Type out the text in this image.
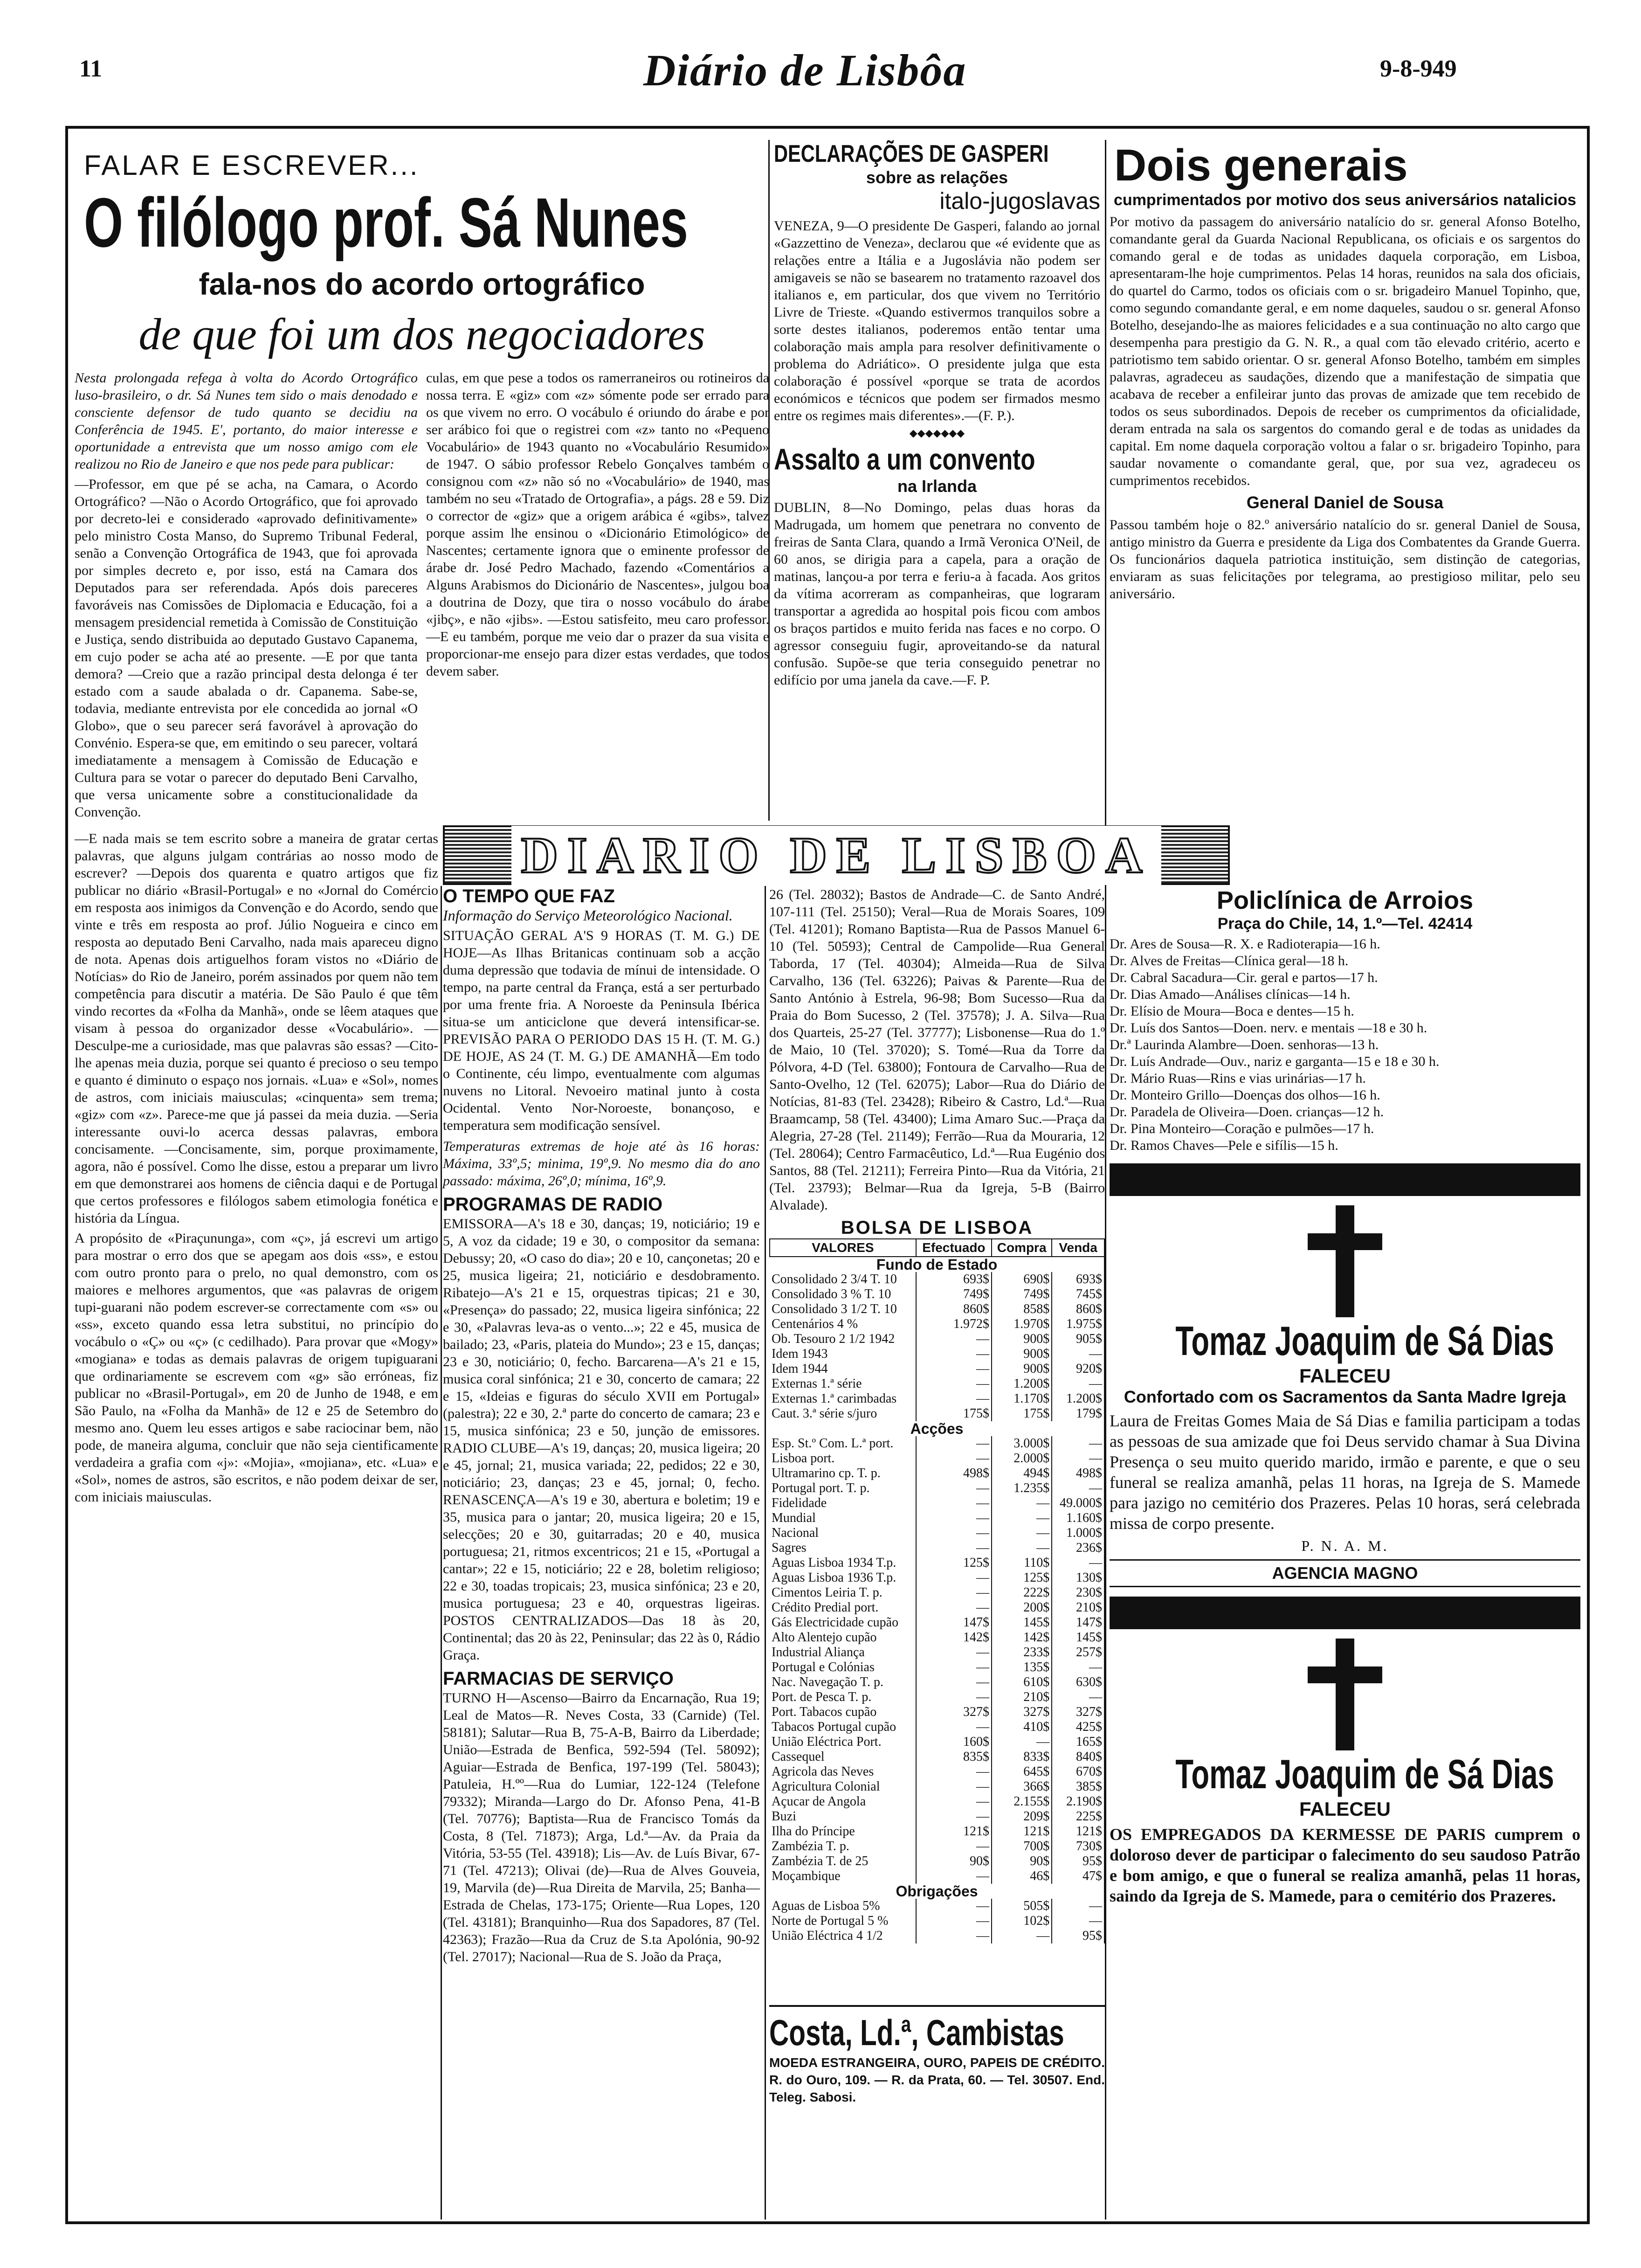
11	Diário de Lisbôa	9-8-949
FALAR E ESCREVER...
O filólogo prof. Sá Nunes
fala-nos do acordo ortográfico
de que foi um dos negociadores

Nesta prolongada refega à volta do Acordo Ortográfico luso-brasileiro, o dr. Sá Nunes tem sido o mais denodado e consciente defensor de tudo quanto se decidiu na Conferência de 1945. E', portanto, do maior interesse e oportunidade a entrevista que um nosso amigo com ele realizou no Rio de Janeiro e que nos pede para publicar:

—Professor, em que pé se acha, na Camara, o Acordo Ortográfico? —Não o Acordo Ortográfico, que foi aprovado por decreto-lei e considerado «aprovado definitivamente» pelo ministro Costa Manso, do Supremo Tribunal Federal, senão a Convenção Ortográfica de 1943, que foi aprovada por simples decreto e, por isso, está na Camara dos Deputados para ser referendada. Após dois pareceres favoráveis nas Comissões de Diplomacia e Educação, foi a mensagem presidencial remetida à Comissão de Constituição e Justiça, sendo distribuida ao deputado Gustavo Capanema, em cujo poder se acha até ao presente. —E por que tanta demora? —Creio que a razão principal desta delonga é ter estado com a saude abalada o dr. Capanema. Sabe-se, todavia, mediante entrevista por ele concedida ao jornal «O Globo», que o seu parecer será favorável à aprovação do Convénio. Espera-se que, em emitindo o seu parecer, voltará imediatamente a mensagem à Comissão de Educação e Cultura para se votar o parecer do deputado Beni Carvalho, que versa unicamente sobre a constitucionalidade da Convenção.

culas, em que pese a todos os ramerraneiros ou rotineiros da nossa terra. E «giz» com «z» sómente pode ser errado para os que vivem no erro. O vocábulo é oriundo do árabe e por ser arábico foi que o registrei com «z» tanto no «Pequeno Vocabulário» de 1943 quanto no «Vocabulário Resumido» de 1947. O sábio professor Rebelo Gonçalves também o consignou com «z» não só no «Vocabulário» de 1940, mas também no seu «Tratado de Ortografia», a págs. 28 e 59. Diz o corrector de «giz» que a origem arábica é «gibs», talvez porque assim lhe ensinou o «Dicionário Etimológico» de Nascentes; certamente ignora que o eminente professor de árabe dr. José Pedro Machado, fazendo «Comentários a Alguns Arabismos do Dicionário de Nascentes», julgou boa a doutrina de Dozy, que tira o nosso vocábulo do árabe «jibç», e não «jibs». —Estou satisfeito, meu caro professor. —E eu também, porque me veio dar o prazer da sua visita e proporcionar-me ensejo para dizer estas verdades, que todos devem saber.

—E nada mais se tem escrito sobre a maneira de gratar certas palavras, que alguns julgam contrárias ao nosso modo de escrever? —Depois dos quarenta e quatro artigos que fiz publicar no diário «Brasil-Portugal» e no «Jornal do Comércio em resposta aos inimigos da Convenção e do Acordo, sendo que vinte e três em resposta ao prof. Júlio Nogueira e cinco em resposta ao deputado Beni Carvalho, nada mais apareceu digno de nota. Apenas dois artiguelhos foram vistos no «Diário de Notícias» do Rio de Janeiro, porém assinados por quem não tem competência para discutir a matéria. De São Paulo é que têm vindo recortes da «Folha da Manhã», onde se lêem ataques que visam à pessoa do organizador desse «Vocabulário». —Desculpe-me a curiosidade, mas que palavras são essas? —Cito-lhe apenas meia duzia, porque sei quanto é precioso o seu tempo e quanto é diminuto o espaço nos jornais. «Lua» e «Sol», nomes de astros, com iniciais maiusculas; «cinquenta» sem trema; «giz» com «z». Parece-me que já passei da meia duzia. —Seria interessante ouvi-lo acerca dessas palavras, embora concisamente. —Concisamente, sim, porque proximamente, agora, não é possível. Como lhe disse, estou a preparar um livro em que demonstrarei aos homens de ciência daqui e de Portugal que certos professores e filólogos sabem etimologia fonética e história da Língua.

A propósito de «Piraçununga», com «ç», já escrevi um artigo para mostrar o erro dos que se apegam aos dois «ss», e estou com outro pronto para o prelo, no qual demonstro, com os maiores e melhores argumentos, que «as palavras de origem tupi-guarani não podem escrever-se correctamente com «s» ou «ss», exceto quando essa letra substitui, no princípio do vocábulo o «Ç» ou «ç» (c cedilhado). Para provar que «Mogy» «mogiana» e todas as demais palavras de origem tupiguarani que ordinariamente se escrevem com «g» são erróneas, fiz publicar no «Brasil-Portugal», em 20 de Junho de 1948, e em São Paulo, na «Folha da Manhã» de 12 e 25 de Setembro do mesmo ano. Quem leu esses artigos e sabe raciocinar bem, não pode, de maneira alguma, concluir que não seja cientificamente verdadeira a grafia com «j»: «Mojia», «mojiana», etc. «Lua» e «Sol», nomes de astros, são escritos, e não podem deixar de ser, com iniciais maiusculas.

DECLARAÇÕES DE GASPERI
sobre as relações
italo-jugoslavas
VENEZA, 9—O presidente De Gasperi, falando ao jornal «Gazzettino de Veneza», declarou que «é evidente que as relações entre a Itália e a Jugoslávia não podem ser amigaveis se não se basearem no tratamento razoavel dos italianos e, em particular, dos que vivem no Território Livre de Trieste. «Quando estivermos tranquilos sobre a sorte destes italianos, poderemos então tentar uma colaboração mais ampla para resolver definitivamente o problema do Adriático». O presidente julga que esta colaboração é possível «porque se trata de acordos económicos e técnicos que podem ser firmados mesmo entre os regimes mais diferentes».—(F. P.).
◆◆◆◆◆◆◆
Assalto a um convento
na Irlanda
DUBLIN, 8—No Domingo, pelas duas horas da Madrugada, um homem que penetrara no convento de freiras de Santa Clara, quando a Irmã Veronica O'Neil, de 60 anos, se dirigia para a capela, para a oração de matinas, lançou-a por terra e feriu-a à facada. Aos gritos da vítima acorreram as companheiras, que lograram transportar a agredida ao hospital pois ficou com ambos os braços partidos e muito ferida nas faces e no corpo. O agressor conseguiu fugir, aproveitando-se da natural confusão. Supõe-se que teria conseguido penetrar no edifício por uma janela da cave.—F. P.
Dois generais
cumprimentados por motivo dos seus aniversários natalicios
Por motivo da passagem do aniversário natalício do sr. general Afonso Botelho, comandante geral da Guarda Nacional Republicana, os oficiais e os sargentos do comando geral e de todas as unidades daquela corporação, em Lisboa, apresentaram-lhe hoje cumprimentos. Pelas 14 horas, reunidos na sala dos oficiais, do quartel do Carmo, todos os oficiais com o sr. brigadeiro Manuel Topinho, que, como segundo comandante geral, e em nome daqueles, saudou o sr. general Afonso Botelho, desejando-lhe as maiores felicidades e a sua continuação no alto cargo que desempenha para prestigio da G. N. R., a qual com tão elevado critério, acerto e patriotismo tem sabido orientar. O sr. general Afonso Botelho, também em simples palavras, agradeceu as saudações, dizendo que a manifestação de simpatia que acabava de receber a enfileirar junto das provas de amizade que tem recebido de todos os seus subordinados. Depois de receber os cumprimentos da oficialidade, deram entrada na sala os sargentos do comando geral e de todas as unidades da capital. Em nome daquela corporação voltou a falar o sr. brigadeiro Topinho, para saudar novamente o comandante geral, que, por sua vez, agradeceu os cumprimentos recebidos.
General Daniel de Sousa
Passou também hoje o 82.º aniversário natalício do sr. general Daniel de Sousa, antigo ministro da Guerra e presidente da Liga dos Combatentes da Grande Guerra. Os funcionários daquela patriotica instituição, sem distinção de categorias, enviaram as suas felicitações por telegrama, ao prestigioso militar, pelo seu aniversário.
DIARIO DE LISBOA
O TEMPO QUE FAZ
Informação do Serviço Meteorológico Nacional.
SITUAÇÃO GERAL A'S 9 HORAS (T. M. G.) DE HOJE—As Ilhas Britanicas continuam sob a acção duma depressão que todavia de mínui de intensidade. O tempo, na parte central da França, está a ser perturbado por uma frente fria. A Noroeste da Peninsula Ibérica situa-se um anticiclone que deverá intensificar-se. PREVISÃO PARA O PERIODO DAS 15 H. (T. M. G.) DE HOJE, AS 24 (T. M. G.) DE AMANHÃ—Em todo o Continente, céu limpo, eventualmente com algumas nuvens no Litoral. Nevoeiro matinal junto à costa Ocidental. Vento Nor-Noroeste, bonançoso, e temperatura sem modificação sensível.
Temperaturas extremas de hoje até às 16 horas: Máxima, 33º,5; minima, 19º,9. No mesmo dia do ano passado: máxima, 26º,0; mínima, 16º,9.
PROGRAMAS DE RADIO
EMISSORA—A's 18 e 30, danças; 19, noticiário; 19 e 5, A voz da cidade; 19 e 30, o compositor da semana: Debussy; 20, «O caso do dia»; 20 e 10, cançonetas; 20 e 25, musica ligeira; 21, noticiário e desdobramento. Ribatejo—A's 21 e 15, orquestras tipicas; 21 e 30, «Presença» do passado; 22, musica ligeira sinfónica; 22 e 30, «Palavras leva-as o vento...»; 22 e 45, musica de bailado; 23, «Paris, plateia do Mundo»; 23 e 15, danças; 23 e 30, noticiário; 0, fecho. Barcarena—A's 21 e 15, musica coral sinfónica; 21 e 30, concerto de camara; 22 e 15, «Ideias e figuras do século XVII em Portugal» (palestra); 22 e 30, 2.ª parte do concerto de camara; 23 e 15, musica sinfónica; 23 e 50, junção de emissores. RADIO CLUBE—A's 19, danças; 20, musica ligeira; 20 e 45, jornal; 21, musica variada; 22, pedidos; 22 e 30, noticiário; 23, danças; 23 e 45, jornal; 0, fecho. RENASCENÇA—A's 19 e 30, abertura e boletim; 19 e 35, musica para o jantar; 20, musica ligeira; 20 e 15, selecções; 20 e 30, guitarradas; 20 e 40, musica portuguesa; 21, ritmos excentricos; 21 e 15, «Portugal a cantar»; 22 e 15, noticiário; 22 e 28, boletim religioso; 22 e 30, toadas tropicais; 23, musica sinfónica; 23 e 20, musica portuguesa; 23 e 40, orquestras ligeiras. POSTOS CENTRALIZADOS—Das 18 às 20, Continental; das 20 às 22, Peninsular; das 22 às 0, Rádio Graça.
FARMACIAS DE SERVIÇO
TURNO H—Ascenso—Bairro da Encarnação, Rua 19; Leal de Matos—R. Neves Costa, 33 (Carnide) (Tel. 58181); Salutar—Rua B, 75-A-B, Bairro da Liberdade; União—Estrada de Benfica, 592-594 (Tel. 58092); Aguiar—Estrada de Benfica, 197-199 (Tel. 58043); Patuleia, H.ºº—Rua do Lumiar, 122-124 (Telefone 79332); Miranda—Largo do Dr. Afonso Pena, 41-B (Tel. 70776); Baptista—Rua de Francisco Tomás da Costa, 8 (Tel. 71873); Arga, Ld.ª—Av. da Praia da Vitória, 53-55 (Tel. 43918); Lis—Av. de Luís Bivar, 67-71 (Tel. 47213); Olivai (de)—Rua de Alves Gouveia, 19, Marvila (de)—Rua Direita de Marvila, 25; Banha—Estrada de Chelas, 173-175; Oriente—Rua Lopes, 120 (Tel. 43181); Branquinho—Rua dos Sapadores, 87 (Tel. 42363); Frazão—Rua da Cruz de S.ta Apolónia, 90-92 (Tel. 27017); Nacional—Rua de S. João da Praça,
26 (Tel. 28032); Bastos de Andrade—C. de Santo André, 107-111 (Tel. 25150); Veral—Rua de Morais Soares, 109 (Tel. 41201); Romano Baptista—Rua de Passos Manuel 6-10 (Tel. 50593); Central de Campolide—Rua General Taborda, 17 (Tel. 40304); Almeida—Rua de Silva Carvalho, 136 (Tel. 63226); Paivas & Parente—Rua de Santo António à Estrela, 96-98; Bom Sucesso—Rua da Praia do Bom Sucesso, 2 (Tel. 37578); J. A. Silva—Rua dos Quarteis, 25-27 (Tel. 37777); Lisbonense—Rua do 1.º de Maio, 10 (Tel. 37020); S. Tomé—Rua da Torre da Pólvora, 4-D (Tel. 63800); Fontoura de Carvalho—Rua de Santo-Ovelho, 12 (Tel. 62075); Labor—Rua do Diário de Notícias, 81-83 (Tel. 23428); Ribeiro & Castro, Ld.ª—Rua Braamcamp, 58 (Tel. 43400); Lima Amaro Suc.—Praça da Alegria, 27-28 (Tel. 21149); Ferrão—Rua da Mouraria, 12 (Tel. 28064); Centro Farmacêutico, Ld.ª—Rua Eugénio dos Santos, 88 (Tel. 21211); Ferreira Pinto—Rua da Vitória, 21 (Tel. 23793); Belmar—Rua da Igreja, 5-B (Bairro Alvalade).
BOLSA DE LISBOA
VALORES	Efectuado	Compra	Venda
Fundo de Estado			
Consolidado 2 3/4 T. 10	693$	690$	693$
Consolidado 3 % T. 10	749$	749$	745$
Consolidado 3 1/2 T. 10	860$	858$	860$
Centenários 4 %	1.972$	1.970$	1.975$
Ob. Tesouro 2 1/2 1942	—	900$	905$
Idem 1943	—	900$	—
Idem 1944	—	900$	920$
Externas 1.ª série	—	1.200$	—
Externas 1.ª carimbadas	—	1.170$	1.200$
Caut. 3.ª série s/juro	175$	175$	179$
Acções			
Esp. St.º Com. L.ª port.	—	3.000$	—
Lisboa port.	—	2.000$	—
Ultramarino cp. T. p.	498$	494$	498$
Portugal port. T. p.	—	1.235$	—
Fidelidade	—	—	49.000$
Mundial	—	—	1.160$
Nacional	—	—	1.000$
Sagres	—	—	236$
Aguas Lisboa 1934 T.p.	125$	110$	—
Aguas Lisboa 1936 T.p.	—	125$	130$
Cimentos Leiria T. p.	—	222$	230$
Crédito Predial port.	—	200$	210$
Gás Electricidade cupão	147$	145$	147$
Alto Alentejo cupão	142$	142$	145$
Industrial Aliança	—	233$	257$
Portugal e Colónias	—	135$	—
Nac. Navegação T. p.	—	610$	630$
Port. de Pesca T. p.	—	210$	—
Port. Tabacos cupão	327$	327$	327$
Tabacos Portugal cupão	—	410$	425$
União Eléctrica Port.	160$	—	165$
Cassequel	835$	833$	840$
Agricola das Neves	—	645$	670$
Agricultura Colonial	—	366$	385$
Açucar de Angola	—	2.155$	2.190$
Buzi	—	209$	225$
Ilha do Príncipe	121$	121$	121$
Zambézia T. p.	—	700$	730$
Zambézia T. de 25	90$	90$	95$
Moçambique	—	46$	47$
Obrigações			
Aguas de Lisboa 5%	—	505$	—
Norte de Portugal 5 %	—	102$	—
União Eléctrica 4 1/2	—	—	95$
Costa, Ld.ª, Cambistas
MOEDA ESTRANGEIRA, OURO, PAPEIS DE CRÉDITO. R. do Ouro, 109. — R. da Prata, 60. — Tel. 30507. End. Teleg. Sabosi.
Policlínica de Arroios
Praça do Chile, 14, 1.º—Tel. 42414
Dr. Ares de Sousa—R. X. e Radioterapia—16 h.
Dr. Alves de Freitas—Clínica geral—18 h.
Dr. Cabral Sacadura—Cir. geral e partos—17 h.
Dr. Dias Amado—Análises clínicas—14 h.
Dr. Elísio de Moura—Boca e dentes—15 h.
Dr. Luís dos Santos—Doen. nerv. e mentais —18 e 30 h.
Dr.ª Laurinda Alambre—Doen. senhoras—13 h.
Dr. Luís Andrade—Ouv., nariz e garganta—15 e 18 e 30 h.
Dr. Mário Ruas—Rins e vias urinárias—17 h.
Dr. Monteiro Grillo—Doenças dos olhos—16 h.
Dr. Paradela de Oliveira—Doen. crianças—12 h.
Dr. Pina Monteiro—Coração e pulmões—17 h.
Dr. Ramos Chaves—Pele e sifílis—15 h.
Tomaz Joaquim de Sá Dias
FALECEU
Confortado com os Sacramentos da Santa Madre Igreja
Laura de Freitas Gomes Maia de Sá Dias e familia participam a todas as pessoas de sua amizade que foi Deus servido chamar à Sua Divina Presença o seu muito querido marido, irmão e parente, e que o seu funeral se realiza amanhã, pelas 11 horas, na Igreja de S. Mamede para jazigo no cemitério dos Prazeres. Pelas 10 horas, será celebrada missa de corpo presente.
P. N. A. M.
AGENCIA MAGNO
Tomaz Joaquim de Sá Dias
FALECEU
OS EMPREGADOS DA KERMESSE DE PARIS cumprem o doloroso dever de participar o falecimento do seu saudoso Patrão e bom amigo, e que o funeral se realiza amanhã, pelas 11 horas, saindo da Igreja de S. Mamede, para o cemitério dos Prazeres.
